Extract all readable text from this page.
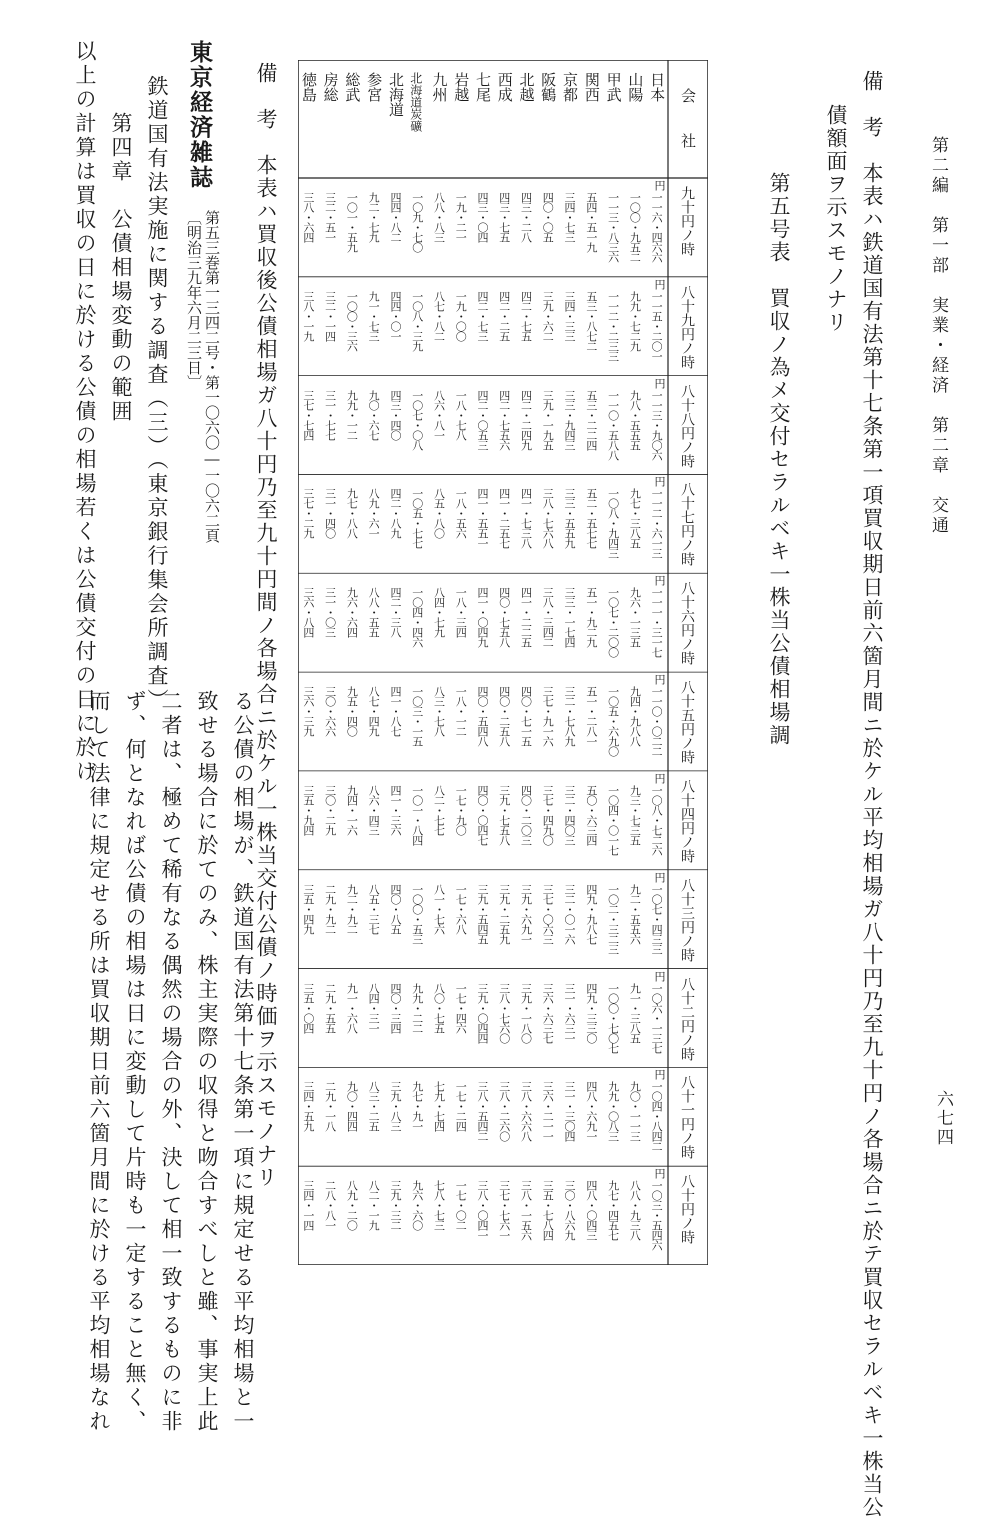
六七四
第二編　第一部　実業・経済　第二章　交通
備　考　本表ハ鉄道国有法第十七条第一項買収期日前六箇月間ニ於ケル平均相場ガ八十円乃至九十円ノ各場合ニ於テ買収セラルベキ一株当公
債額面ヲ示スモノナリ
第五号表　買収ノ為メ交付セラルベキ一株当公債相場調
会　　社
九十円ノ時
円
八十九円ノ時
円
八十八円ノ時
円
八十七円ノ時
円
八十六円ノ時
円
八十五円ノ時
円
八十四円ノ時
円
八十三円ノ時
円
八十二円ノ時
円
八十一円ノ時
円
八十円ノ時
円
日本
一一六・四六六
一一五・二〇一
一一三・九〇六
一一二・六一三
一一一・三一七
一一〇・〇二二
一〇八・七二六
一〇七・四三三
一〇六・一三七
一〇四・八四二
一〇三・五四六
山陽
一〇〇・九五二
九九・七二九
九八・五五五
九七・三八五
九六・一三五
九四・九八八
九三・七三五
九二・五五六
九一・三八五
九〇・一一三
八八・九三八
甲武
一一三・八三六
一一二・二三三
一一〇・五八八
一〇八・九四三
一〇七・二〇〇
一〇五・六九〇
一〇四・〇一七
一〇二・三二三
一〇〇・七〇七
九九・〇八三
九七・四五七
関西
五四・五一九
五三・八七二
五三・二二四
五二・五七七
五一・九二九
五一・二八一
五〇・六三四
四九・九八七
四九・三三〇
四八・六九一
四八・〇四三
京都
三四・七三
三四・三三
三三・九四三
三三・五五九
三三・一七四
三二・七八九
三二・四〇三
三二・〇一六
三一・六三一
三一・三〇四
三〇・八六九
阪鶴
四〇・〇五
三九・六二
三九・一九五
三八・七六八
三八・三四二
三七・九一六
三七・四九〇
三七・〇六三
三六・六三七
三六・二一一
三五・七八四
北越
四三・二八
四二・七五
四二・二四九
四一・七三八
四一・二二五
四〇・七一五
四〇・二〇三
三九・六九一
三九・一八〇
三八・六六八
三八・一五六
西成
四三・七五
四二・二五
四二・七五六
四一・二五七
四〇・七五八
四〇・二五八
三九・七五八
三九・二五九
三八・七六〇
三八・二六〇
三七・七六一
七尾
四三・〇四
四二・七三
四二・〇五三
四一・五五一
四一・〇四九
四〇・五四八
四〇・〇四七
三九・五四五
三九・〇四四
三八・五四二
三八・〇四一
岩越
一九・二一
一九・〇〇
一八・七八
一八・五六
一八・三四
一八・一二
一七・九〇
一七・六八
一七・四六
一七・二四
一七・〇二
九州
八八・八三
八七・八二
八六・八一
八五・八〇
八四・七九
八三・七八
八二・七七
八一・七六
八〇・七五
七九・七四
七八・七三
北海道炭礦
一〇九・七〇
一〇八・三九
一〇七・〇八
一〇五・七七
一〇四・四六
一〇三・一五
一〇一・八四
一〇〇・五三
九九・二二
九七・九一
九六・六〇
北海道
四四・八二
四四・〇一
四三・四〇
四二・八九
四二・三八
四一・八七
四一・三六
四〇・八五
四〇・三四
三九・八三
三九・三二
参宮
九二・七九
九一・七三
九〇・六七
八九・六一
八八・五五
八七・四九
八六・四三
八五・三七
八四・三一
八三・二五
八二・一九
総武
一〇一・五九
一〇〇・三六
九九・一二
九七・八八
九六・六四
九五・四〇
九四・一六
九二・九二
九一・六八
九〇・四四
八九・二〇
房総
三二・五一
三二・一四
三一・七七
三一・四〇
三一・〇三
三〇・六六
三〇・二九
二九・九二
二九・五五
二九・一八
二八・八一
徳島
三八・六四
三八・一九
三七・七四
三七・二九
三六・八四
三六・三九
三五・九四
三五・四九
三五・〇四
三四・五九
三四・一四
備　考　本表ハ買収後公債相場ガ八十円乃至九十円間ノ各場合ニ於ケル一株当交付公債ノ時価ヲ示スモノナリ
る公債の相場が、鉄道国有法第十七条第一項に規定せる平均相場と一
致せる場合に於てのみ、株主実際の収得と吻合すべしと雖、事実上此
二者は、極めて稀有なる偶然の場合の外、決して相一致するものに非
ず、何となれば公債の相場は日に変動して片時も一定すること無く、
而して法律に規定せる所は買収期日前六箇月間に於ける平均相場なれ
東京経済雑誌
第五三巻第一三四二号・第一〇六〇―一〇六二頁
〔明治三九年六月二三日〕
鉄道国有法実施に関する調査（三）（東京銀行集会所調査）
第四章　公債相場変動の範囲
以上の計算は買収の日に於ける公債の相場若くは公債交付の日に於け
